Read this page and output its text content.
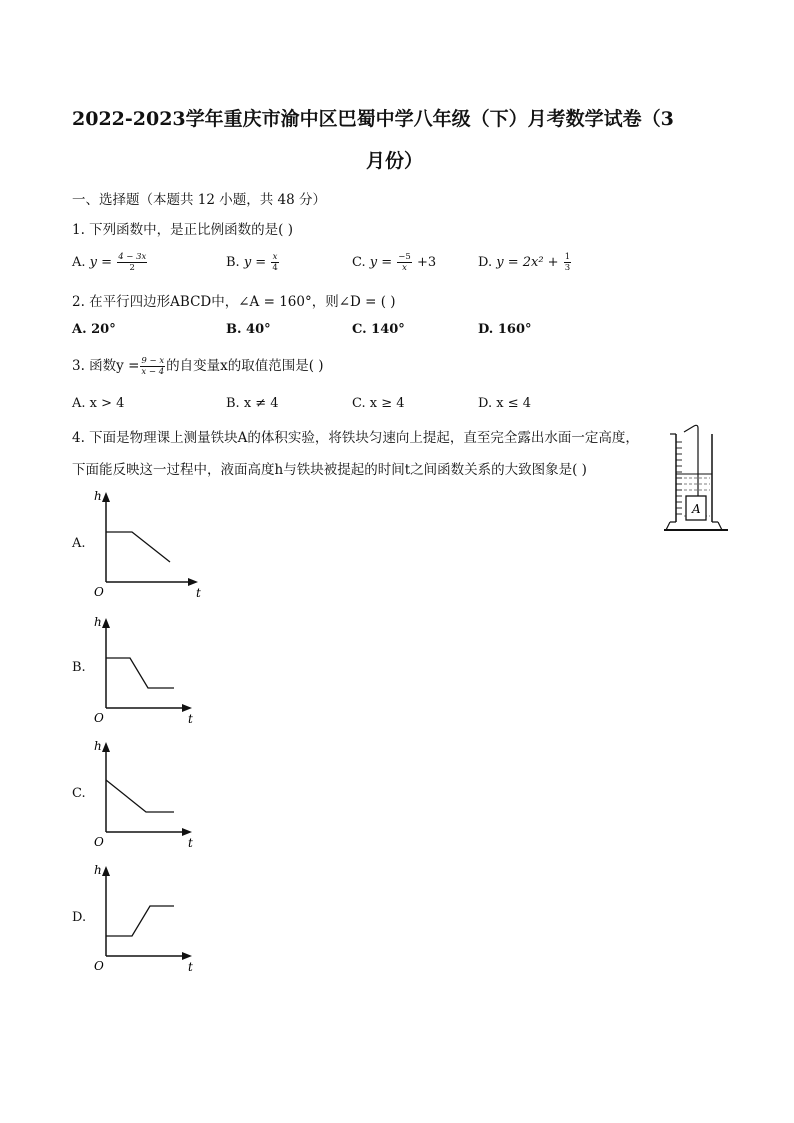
2022-2023学年重庆市渝中区巴蜀中学八年级（下）月考数学试卷（3
月份）
一、选择题（本题共 12 小题，共 48 分）
1. 下列函数中，是正比例函数的是( )
A. $y = \frac{4 - 3x}{2}$	B. $y = \frac{x}{4}$	C. $y = \frac{-5}{x} +3$	D. $y = 2x^2 + \frac{1}{3}$
2. 在平行四边形ABCD中，∠A = 160°，则∠D = ( )
A. 20°	B. 40°	C. 140°	D. 160°
3. 函数$y = \frac{9 - x}{x - 4}$ 的自变量x的取值范围是( )
A. x > 4	B. x ≠ 4	C. x ≥ 4	D. x ≤ 4
4. 下面是物理课上测量铁块A的体积实验，将铁块匀速向上提起，直至完全露出水面一定高度，
下面能反映这一过程中，液面高度h与铁块被提起的时间t之间函数关系的大致图象是( )
A
A.
h
O	t
B.
h
O	t
C.
h
O	t
D.
h
O	t
